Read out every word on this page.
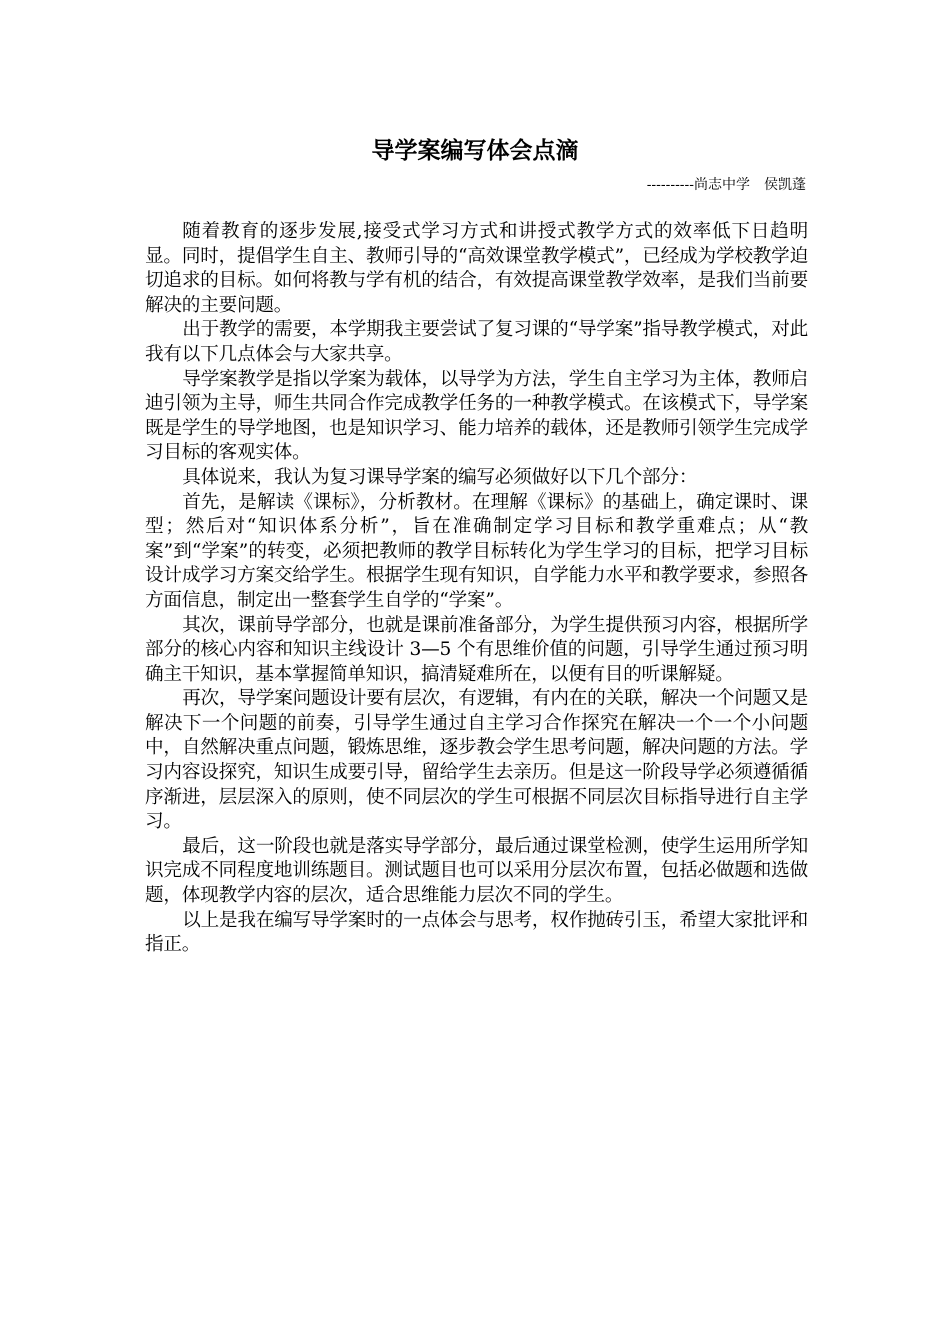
导学案编写体会点滴
----------尚志中学　侯凯蓬

随着教育的逐步发展,接受式学习方式和讲授式教学方式的效率低下日趋明显。同时，提倡学生自主、教师引导的“高效课堂教学模式”，已经成为学校教学迫切追求的目标。如何将教与学有机的结合，有效提高课堂教学效率，是我们当前要解决的主要问题。

出于教学的需要，本学期我主要尝试了复习课的“导学案”指导教学模式，对此我有以下几点体会与大家共享。

导学案教学是指以学案为载体，以导学为方法，学生自主学习为主体，教师启迪引领为主导，师生共同合作完成教学任务的一种教学模式。在该模式下，导学案既是学生的导学地图，也是知识学习、能力培养的载体，还是教师引领学生完成学习目标的客观实体。

具体说来，我认为复习课导学案的编写必须做好以下几个部分：

首先，是解读《课标》，分析教材。在理解《课标》的基础上，确定课时、课型；然后对“知识体系分析”，旨在准确制定学习目标和教学重难点；从“教案”到“学案”的转变，必须把教师的教学目标转化为学生学习的目标，把学习目标设计成学习方案交给学生。根据学生现有知识，自学能力水平和教学要求，参照各方面信息，制定出一整套学生自学的“学案”。

其次，课前导学部分，也就是课前准备部分，为学生提供预习内容，根据所学部分的核心内容和知识主线设计 3—5 个有思维价值的问题，引导学生通过预习明确主干知识，基本掌握简单知识，搞清疑难所在，以便有目的听课解疑。

再次，导学案问题设计要有层次，有逻辑，有内在的关联，解决一个问题又是解决下一个问题的前奏，引导学生通过自主学习合作探究在解决一个一个小问题中，自然解决重点问题，锻炼思维，逐步教会学生思考问题，解决问题的方法。学习内容设探究，知识生成要引导，留给学生去亲历。但是这一阶段导学必须遵循循序渐进，层层深入的原则，使不同层次的学生可根据不同层次目标指导进行自主学习。

最后，这一阶段也就是落实导学部分，最后通过课堂检测，使学生运用所学知识完成不同程度地训练题目。测试题目也可以采用分层次布置，包括必做题和选做题，体现教学内容的层次，适合思维能力层次不同的学生。

以上是我在编写导学案时的一点体会与思考，权作抛砖引玉，希望大家批评和指正。
